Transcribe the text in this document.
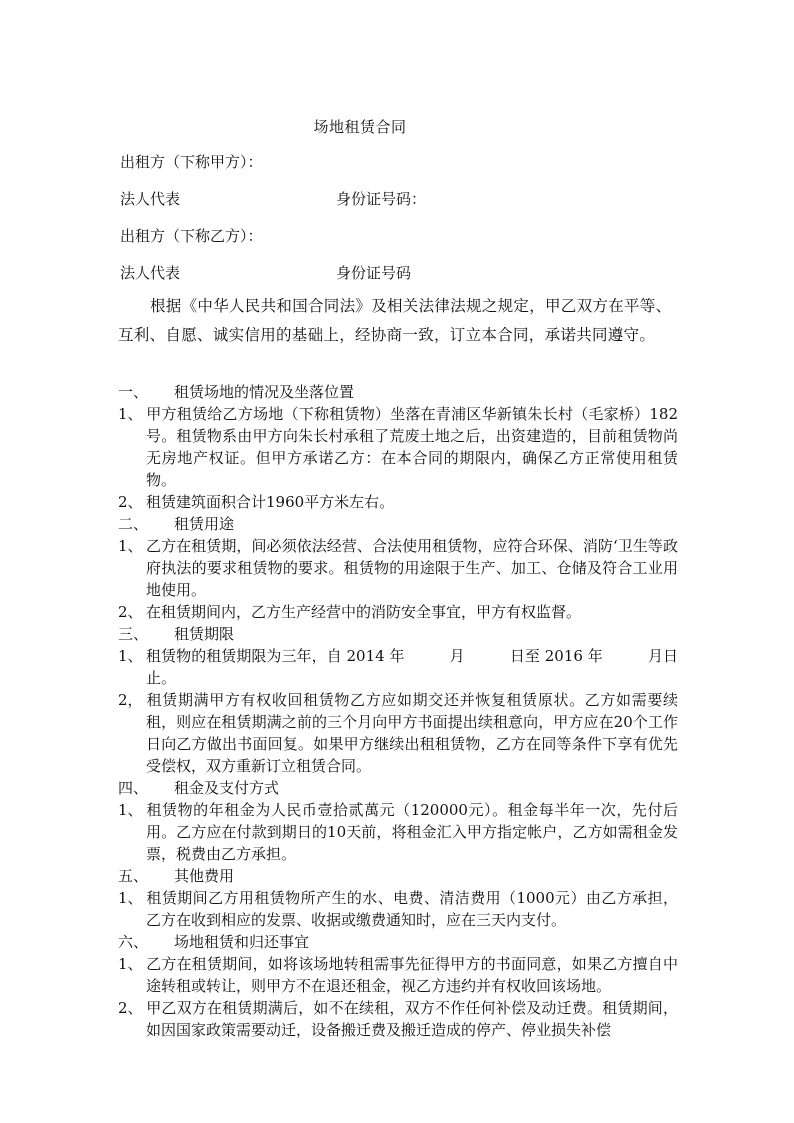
场地租赁合同
出租方（下称甲方）：
法人代表	身份证号码：
出租方（下称乙方）：
法人代表	身份证号码
根据《中华人民共和国合同法》及相关法律法规之规定，甲乙双方在平等、互利、自愿、诚实信用的基础上，经协商一致，订立本合同，承诺共同遵守。
一、 租赁场地的情况及坐落位置
1、 甲方租赁给乙方场地（下称租赁物）坐落在青浦区华新镇朱长村（毛家桥）182号。租赁物系由甲方向朱长村承租了荒废土地之后，出资建造的，目前租赁物尚无房地产权证。但甲方承诺乙方：在本合同的期限内，确保乙方正常使用租赁物。
2、 租赁建筑面积合计1960平方米左右。
二、 租赁用途
1、 乙方在租赁期，间必须依法经营、合法使用租赁物，应符合环保、消防‘卫生等政府执法的要求租赁物的要求。租赁物的用途限于生产、加工、仓储及符合工业用地使用。
2、 在租赁期间内，乙方生产经营中的消防安全事宜，甲方有权监督。
三、 租赁期限
1、 租赁物的租赁期限为三年，自 2014 年　　　月　　　日至 2016 年　　　月日止。
2， 租赁期满甲方有权收回租赁物乙方应如期交还并恢复租赁原状。乙方如需要续租，则应在租赁期满之前的三个月向甲方书面提出续租意向，甲方应在20个工作日向乙方做出书面回复。如果甲方继续出租租赁物，乙方在同等条件下享有优先受偿权，双方重新订立租赁合同。
四、 租金及支付方式
1、 租赁物的年租金为人民币壹拾贰萬元（120000元）。租金每半年一次，先付后用。乙方应在付款到期日的10天前，将租金汇入甲方指定帐户，乙方如需租金发票，税费由乙方承担。
五、 其他费用
1、 租赁期间乙方用租赁物所产生的水、电费、清洁费用（1000元）由乙方承担，乙方在收到相应的发票、收据或缴费通知时，应在三天内支付。
六、 场地租赁和归还事宜
1、 乙方在租赁期间，如将该场地转租需事先征得甲方的书面同意，如果乙方擅自中途转租或转让，则甲方不在退还租金，视乙方违约并有权收回该场地。
2、 甲乙双方在租赁期满后，如不在续租，双方不作任何补偿及动迁费。租赁期间，如因国家政策需要动迁，设备搬迁费及搬迁造成的停产、停业损失补偿
